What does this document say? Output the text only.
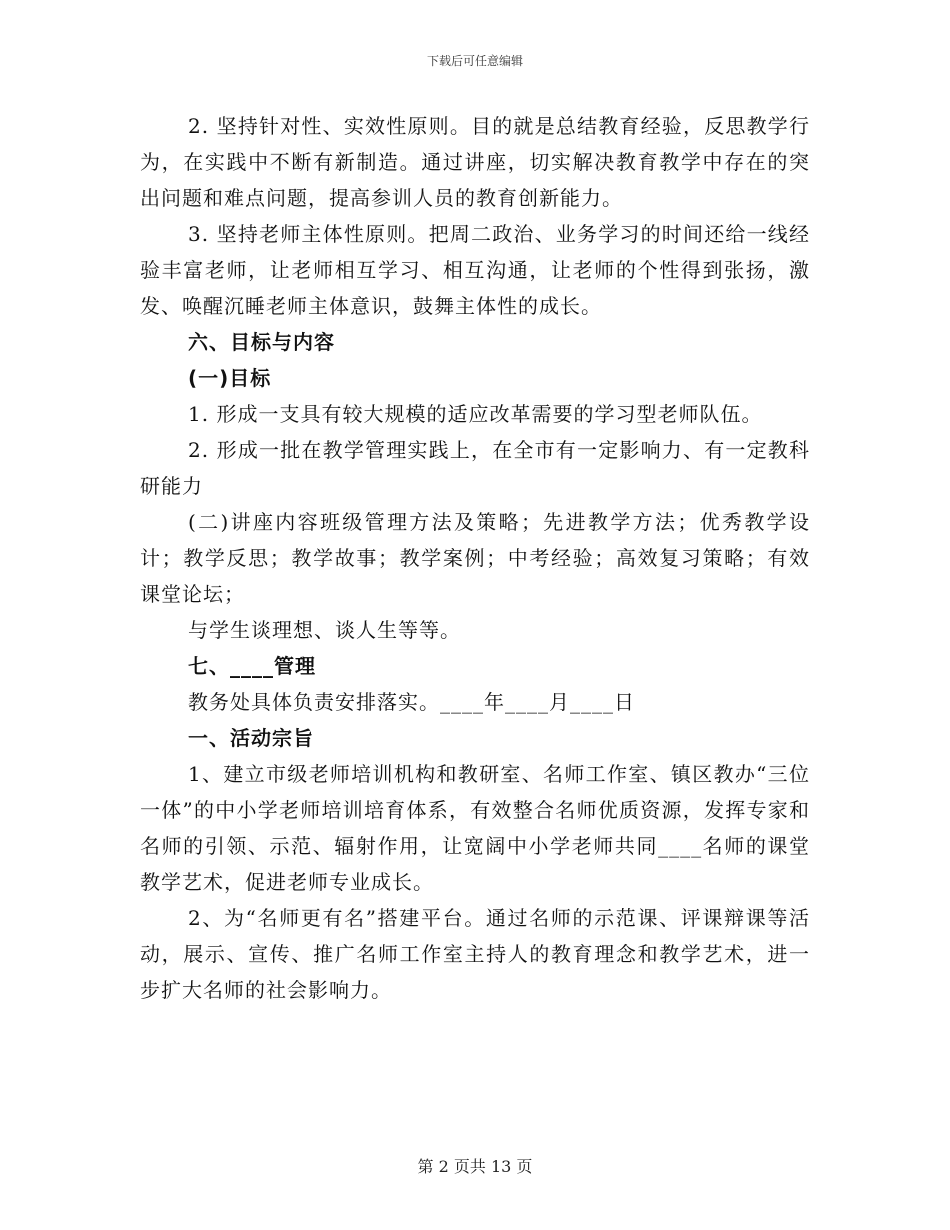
下载后可任意编辑

2. 坚持针对性、实效性原则。目的就是总结教育经验，反思教学行为，在实践中不断有新制造。通过讲座，切实解决教育教学中存在的突出问题和难点问题，提高参训人员的教育创新能力。

3. 坚持老师主体性原则。把周二政治、业务学习的时间还给一线经验丰富老师，让老师相互学习、相互沟通，让老师的个性得到张扬，激发、唤醒沉睡老师主体意识，鼓舞主体性的成长。

六、目标与内容

(一)目标

1. 形成一支具有较大规模的适应改革需要的学习型老师队伍。

2. 形成一批在教学管理实践上，在全市有一定影响力、有一定教科研能力

(二)讲座内容班级管理方法及策略；先进教学方法；优秀教学设计；教学反思；教学故事；教学案例；中考经验；高效复习策略；有效课堂论坛；

与学生谈理想、谈人生等等。

七、____管理

教务处具体负责安排落实。____年____月____日

一、活动宗旨

1、建立市级老师培训机构和教研室、名师工作室、镇区教办“三位一体”的中小学老师培训培育体系，有效整合名师优质资源，发挥专家和名师的引领、示范、辐射作用，让宽阔中小学老师共同____名师的课堂教学艺术，促进老师专业成长。

2、为“名师更有名”搭建平台。通过名师的示范课、评课辩课等活动，展示、宣传、推广名师工作室主持人的教育理念和教学艺术，进一步扩大名师的社会影响力。

第 2 页共 13 页
